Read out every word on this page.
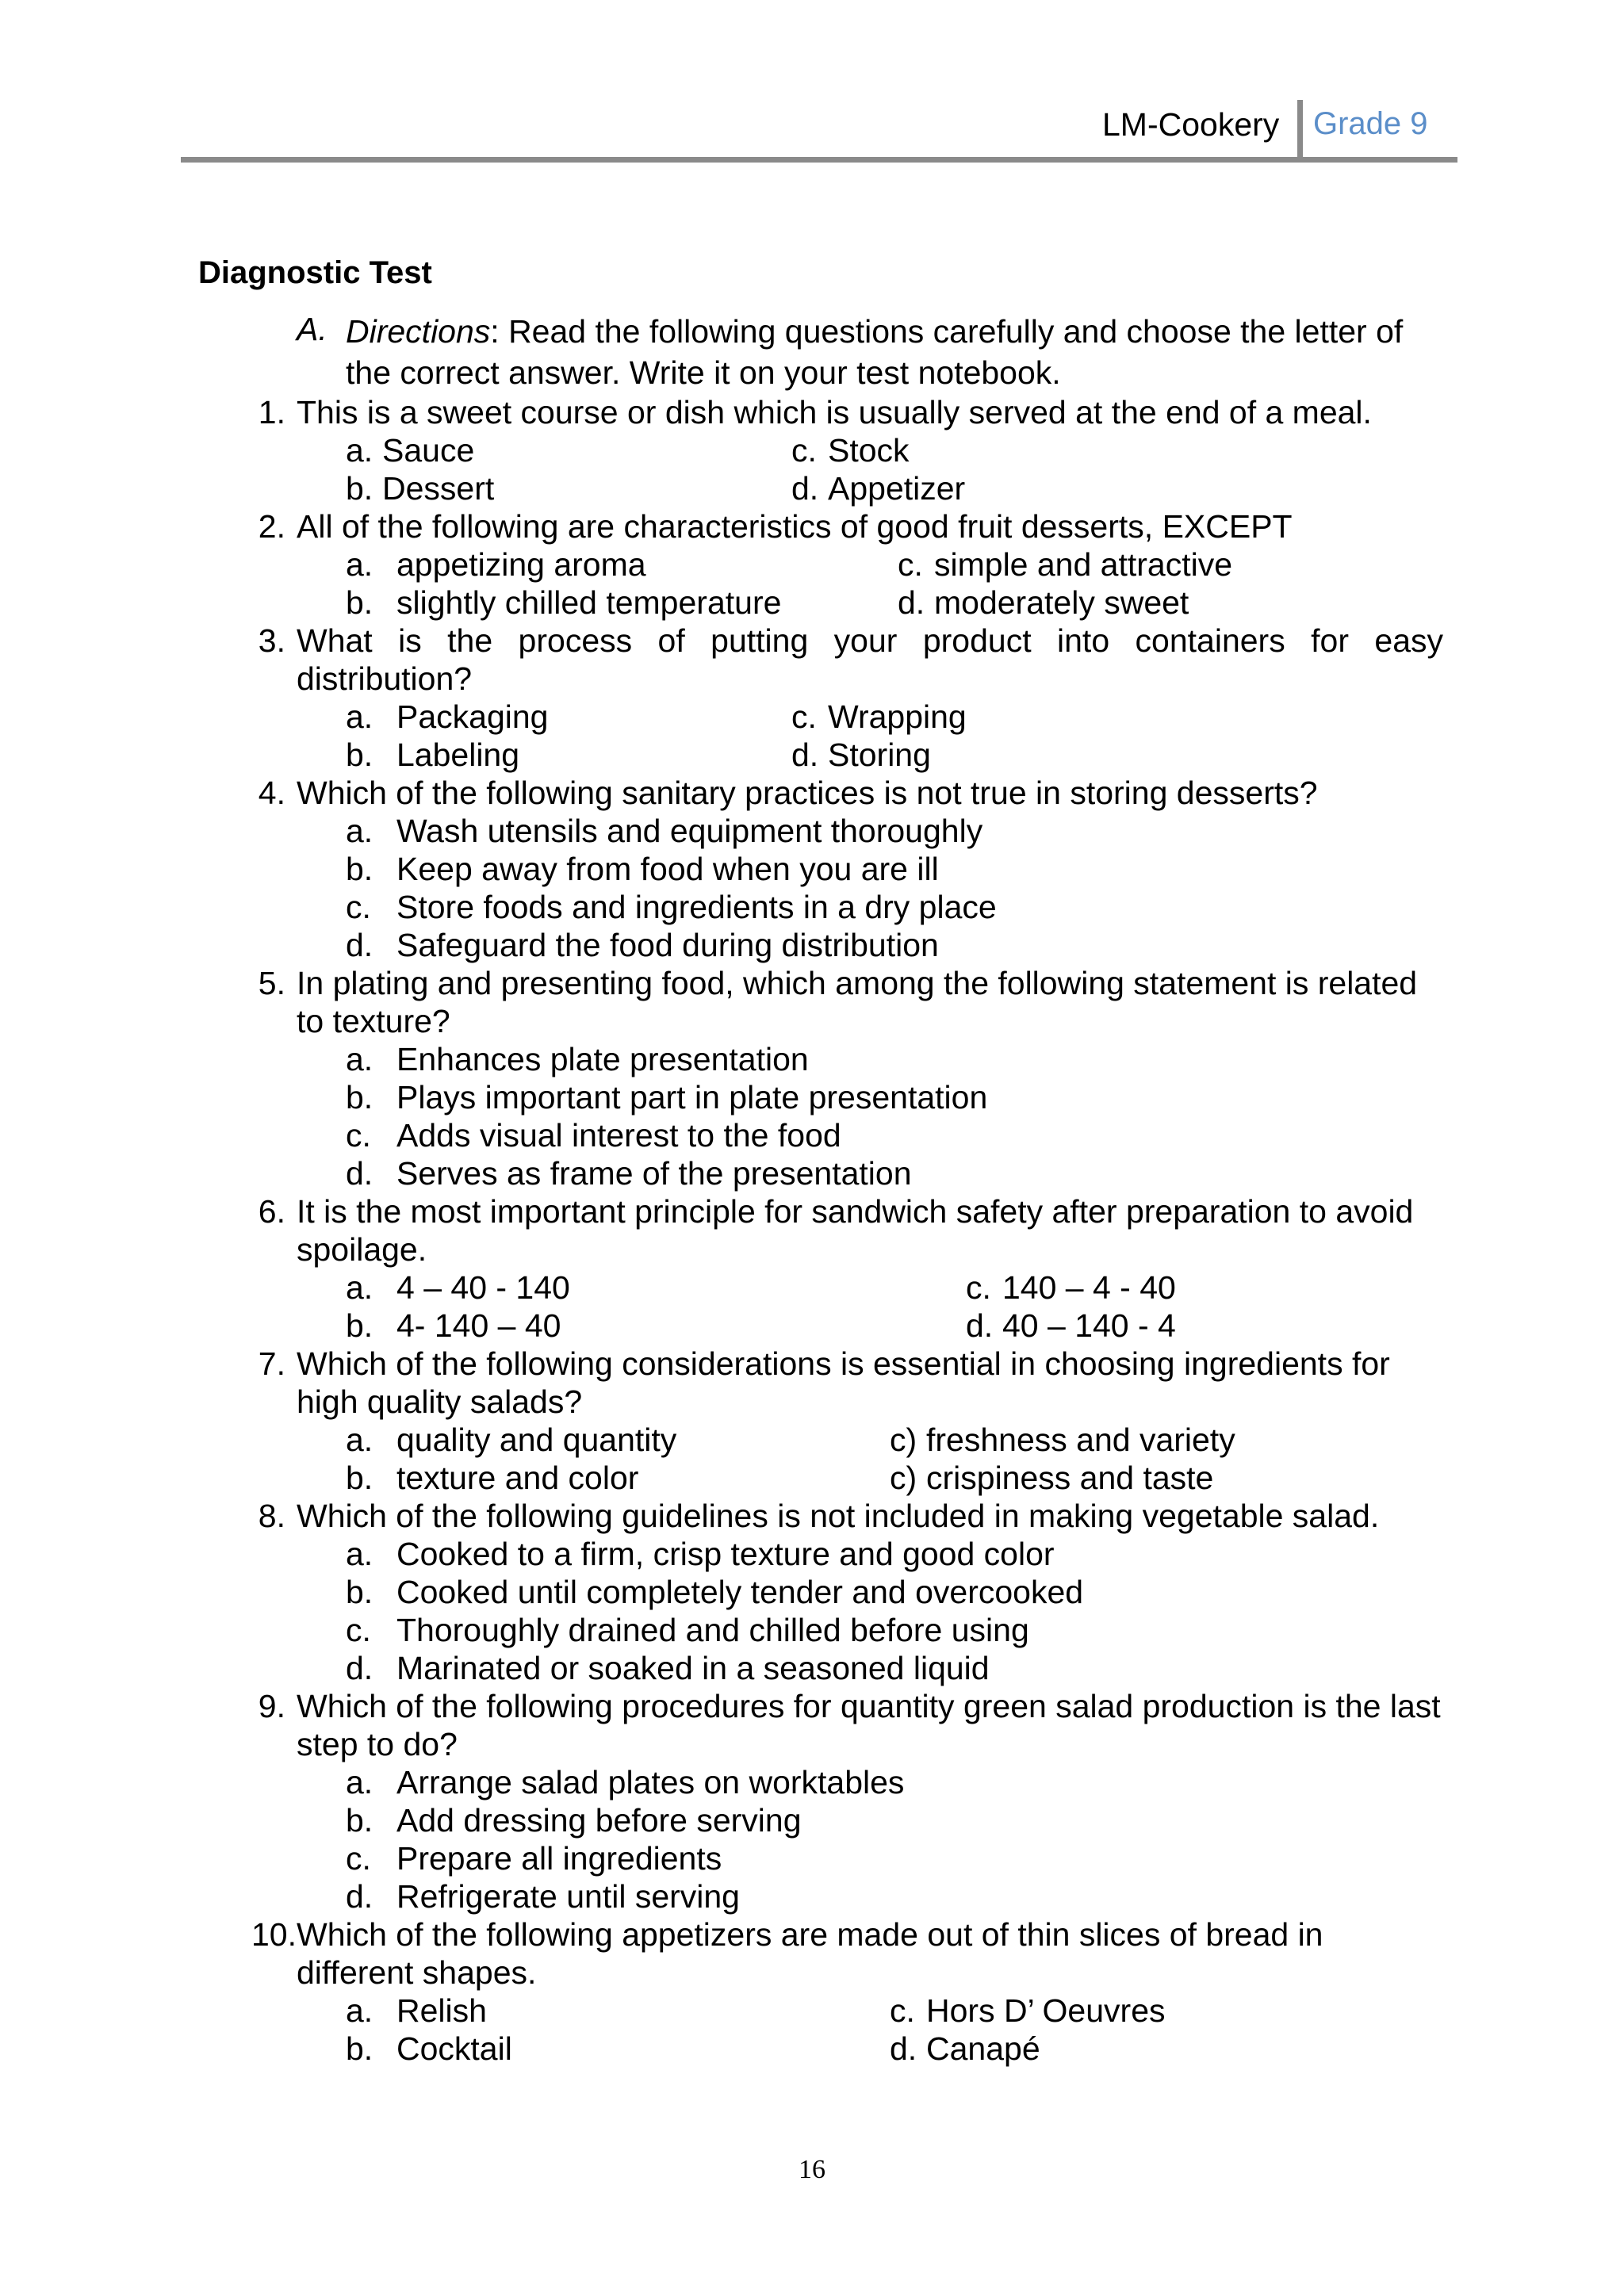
LM-Cookery Grade 9
Diagnostic Test
A. Directions: Read the following questions carefully and choose the letter of the correct answer. Write it on your test notebook.
1. This is a sweet course or dish which is usually served at the end of a meal.
a. Sauce
b. Dessert
c. Stock
d. Appetizer
2. All of the following are characteristics of good fruit desserts, EXCEPT
a. appetizing aroma
b. slightly chilled temperature
c. simple and attractive
d. moderately sweet
3. What is the process of putting your product into containers for easy distribution?
a. Packaging
b. Labeling
c. Wrapping
d. Storing
4. Which of the following sanitary practices is not true in storing desserts?
a. Wash utensils and equipment thoroughly
b. Keep away from food when you are ill
c. Store foods and ingredients in a dry place
d. Safeguard the food during distribution
5. In plating and presenting food, which among the following statement is related to texture?
a. Enhances plate presentation
b. Plays important part in plate presentation
c. Adds visual interest to the food
d. Serves as frame of the presentation
6. It is the most important principle for sandwich safety after preparation to avoid spoilage.
a. 4 – 40 - 140
b. 4- 140 – 40
c. 140 – 4 - 40
d. 40 – 140 - 4
7. Which of the following considerations is essential in choosing ingredients for high quality salads?
a. quality and quantity
b. texture and color
c) freshness and variety
c) crispiness and taste
8. Which of the following guidelines is not included in making vegetable salad.
a. Cooked to a firm, crisp texture and good color
b. Cooked until completely tender and overcooked
c. Thoroughly drained and chilled before using
d. Marinated or soaked in a seasoned liquid
9. Which of the following procedures for quantity green salad production is the last step to do?
a. Arrange salad plates on worktables
b. Add dressing before serving
c. Prepare all ingredients
d. Refrigerate until serving
10. Which of the following appetizers are made out of thin slices of bread in different shapes.
a. Relish
b. Cocktail
c. Hors D’ Oeuvres
d. Canapé
16
